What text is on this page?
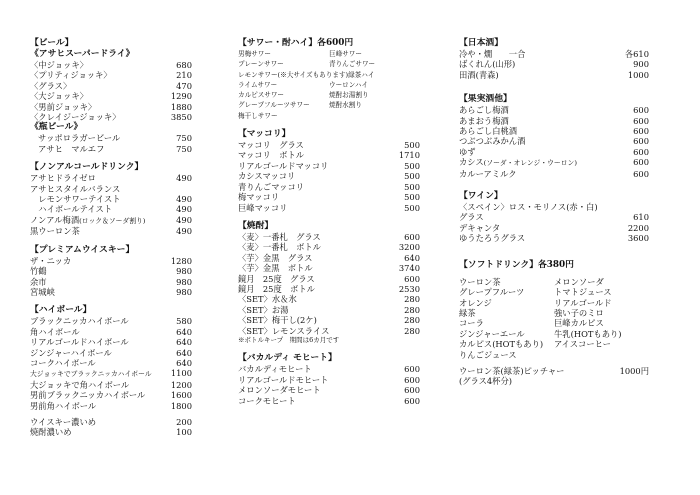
【ビール】
《アサヒスーパードライ》
〈中ジョッキ〉	680
〈プリティジョッキ〉	210
〈グラス〉	470
〈大ジョッキ〉	1290
〈男前ジョッキ〉	1880
〈クレイジージョッキ〉	3850
《瓶ビール》
サッポロラガービール	750
アサヒ　マルエフ	750
【ノンアルコールドリンク】
アサヒドライゼロ	490
アサヒスタイルバランス
　レモンサワーテイスト	490
　ハイボールテイスト	490
ノンアル梅酒(ロック＆ソーダ割り)	490
黒ウーロン茶	490
【プレミアムウイスキー】
ザ・ニッカ	1280
竹鶴	980
余市	980
宮城峡	980
【ハイボール】
ブラックニッカハイボール	580
角ハイボール	640
リアルゴールドハイボール	640
ジンジャーハイボール	640
コークハイボール	640
大ジョッキでブラックニッカハイボール 1100
大ジョッキで角ハイボール	1200
男前ブラックニッカハイボール	1600
男前角ハイボール	1800
ウイスキー濃いめ	200
焼酎濃いめ	100
【サワー・酎ハイ】各600円
男梅サワー	巨峰サワー
プレーンサワー	青りんごサワー
レモンサワー(※大サイズもあります) 緑茶ハイ
ライムサワー	ウーロンハイ
カルピスサワー	焼酎お湯割り
グレープフルーツサワー	焼酎水割り
梅干しサワー
【マッコリ】
マッコリ　グラス	500
マッコリ　ボトル	1710
リアルゴールドマッコリ	500
カシスマッコリ	500
青りんごマッコリ	500
梅マッコリ	500
巨峰マッコリ	500
【焼酎】
〈麦〉一番札　グラス	600
〈麦〉一番札　ボトル	3200
〈芋〉金黒　グラス	640
〈芋〉金黒　ボトル	3740
鏡月　25度　グラス	600
鏡月　25度　ボトル	2530
〈SET〉水＆氷	280
〈SET〉お湯	280
〈SET〉梅干し(2ケ)	280
〈SET〉レモンスライス	280
※ボトルキープ　期間は6カ月です
【バカルディ モヒート】
バカルディモヒート	600
リアルゴールドモヒート	600
メロンソーダモヒート	600
コークモヒート	600
【日本酒】
冷や・燗　　一合	各610
ばくれん(山形)	900
田酒(青森)	1000
【果実酒他】
あらごし梅酒	600
あまおう梅酒	600
あらごし白桃酒	600
つぶつぶみかん酒	600
ゆず	600
カシス(ソーダ・オレンジ・ウーロン)	600
カルーアミルク	600
【ワイン】
〈スペイン〉ロス・モリノス(赤・白)
グラス	610
デキャンタ	2200
ゆうたろうグラス	3600
【ソフトドリンク】各380円
ウーロン茶	メロンソーダ
グレープフルーツ	トマトジュース
オレンジ	リアルゴールド
緑茶	強い子のミロ
コーラ	巨峰カルピス
ジンジャーエール	牛乳(HOTもあり)
カルピス(HOTもあり)	アイスコーヒー
りんごジュース
ウーロン茶(緑茶)ピッチャー	1000円
(グラス4杯分)
